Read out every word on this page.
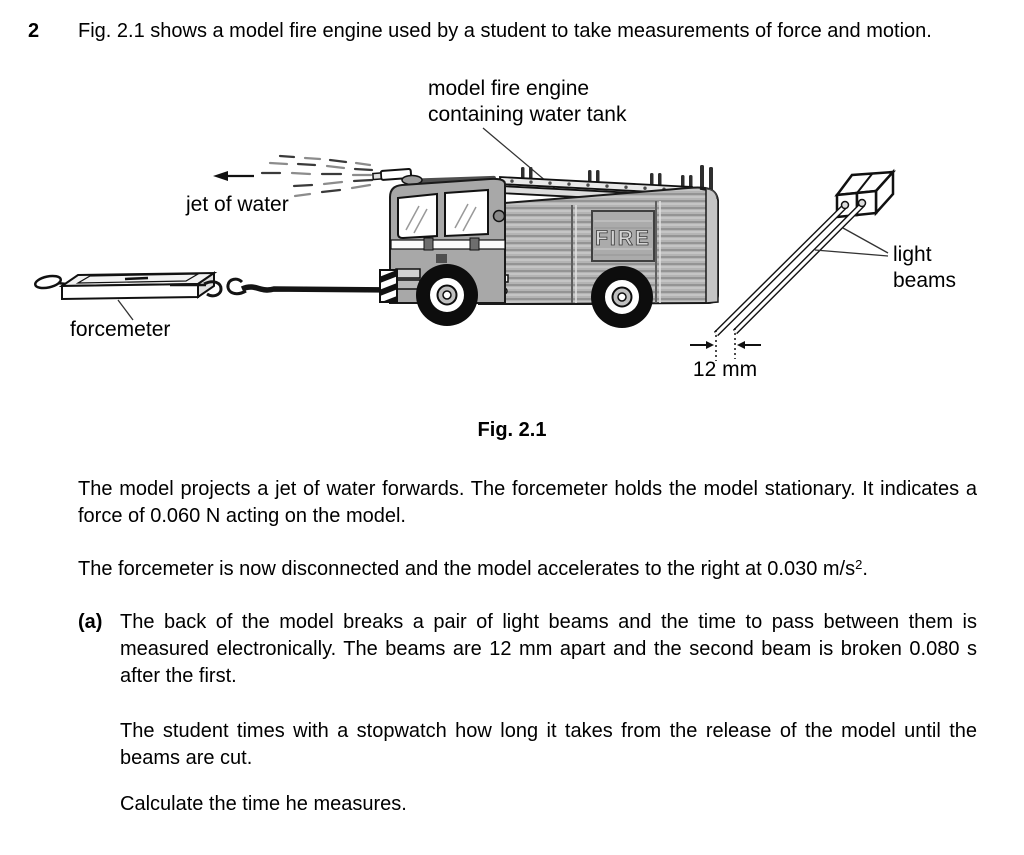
2	Fig. 2.1 shows a model fire engine used by a student to take measurements of force and motion.
model fire engine
containing water tank
jet of water
forcemeter
FIRE
light
beams
12 mm
Fig. 2.1

The model projects a jet of water forwards. The forcemeter holds the model stationary. It indicates a force of 0.060 N acting on the model.

The forcemeter is now disconnected and the model accelerates to the right at 0.030 $m/s^2$.

(a) The back of the model breaks a pair of light beams and the time to pass between them is measured electronically. The beams are 12 mm apart and the second beam is broken 0.080 s after the first.

The student times with a stopwatch how long it takes from the release of the model until the beams are cut.

Calculate the time he measures.
